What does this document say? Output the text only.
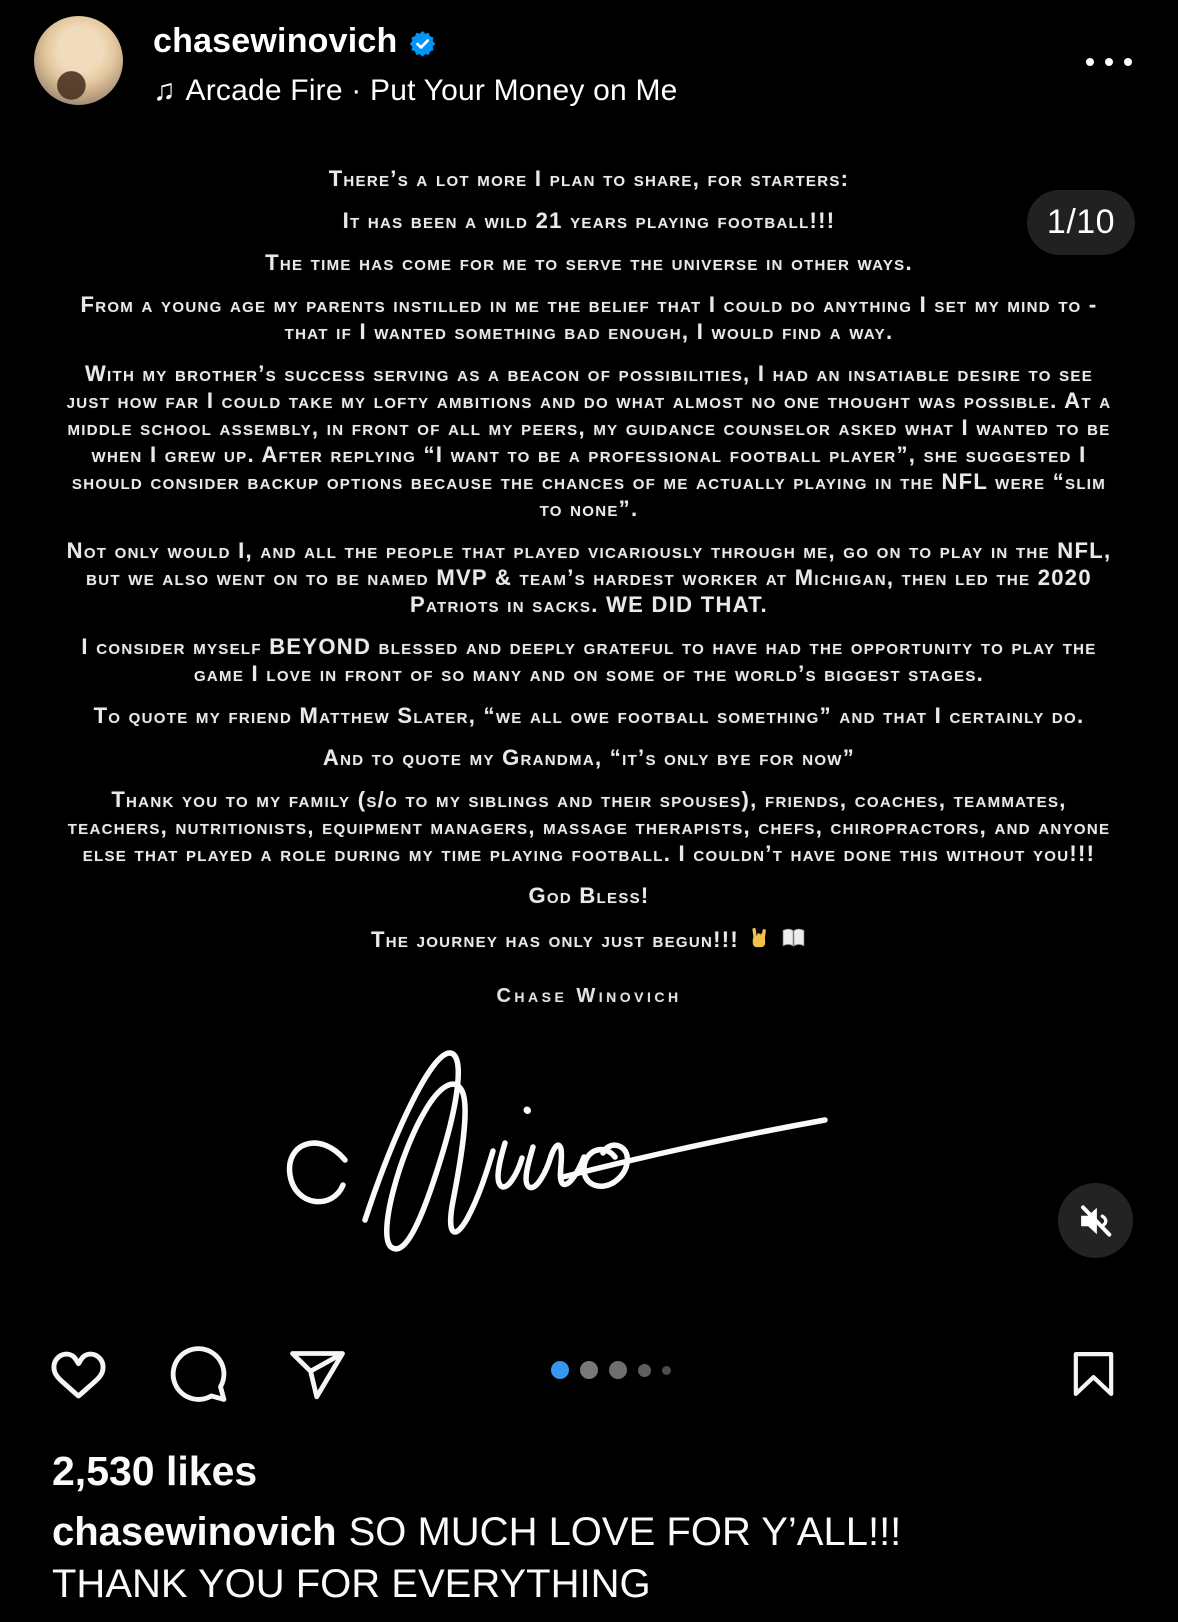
chasewinovich
♫ Arcade Fire · Put Your Money on Me
There’s a lot more I plan to share, for starters:
It has been a wild 21 years playing football!!!
The time has come for me to serve the universe in other ways.
From a young age my parents instilled in me the belief that I could do anything I set my mind to -
that if I wanted something bad enough, I would find a way.
With my brother’s success serving as a beacon of possibilities, I had an insatiable desire to see
just how far I could take my lofty ambitions and do what almost no one thought was possible. At a
middle school assembly, in front of all my peers, my guidance counselor asked what I wanted to be
when I grew up. After replying “I want to be a professional football player”, she suggested I
should consider backup options because the chances of me actually playing in the NFL were “slim
to none”.
Not only would I, and all the people that played vicariously through me, go on to play in the NFL,
but we also went on to be named MVP & team’s hardest worker at Michigan, then led the 2020
Patriots in sacks. WE DID THAT.
I consider myself BEYOND blessed and deeply grateful to have had the opportunity to play the
game I love in front of so many and on some of the world’s biggest stages.
To quote my friend Matthew Slater, “we all owe football something” and that I certainly do.
And to quote my Grandma, “it’s only bye for now”
Thank you to my family (s/o to my siblings and their spouses), friends, coaches, teammates,
teachers, nutritionists, equipment managers, massage therapists, chefs, chiropractors, and anyone
else that played a role during my time playing football. I couldn’t have done this without you!!!
God Bless!
The journey has only just begun!!!
Chase Winovich
1/10
2,530 likes
chasewinovich SO MUCH LOVE FOR Y’ALL!!!
THANK YOU FOR EVERYTHING
